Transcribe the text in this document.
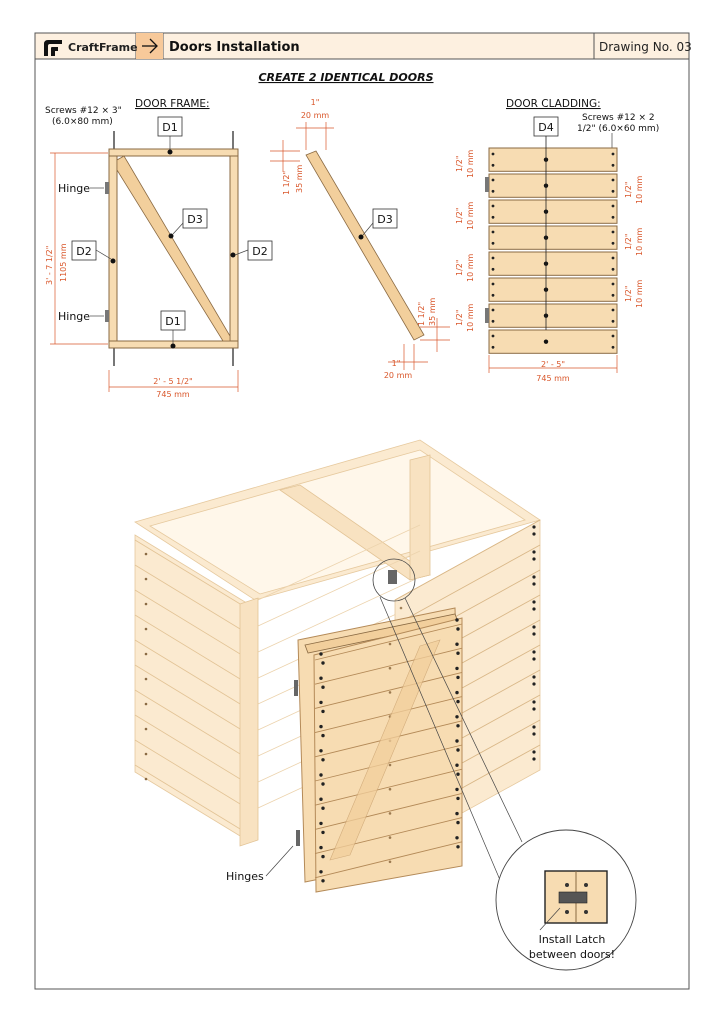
CraftFrame Doors Installation	Drawing No. 03
CREATE 2 IDENTICAL DOORS
DOOR FRAME:
Screws #12 × 3"
(6.0×80 mm)	D1
D1
D2	D2
D3
Hinge
Hinge
3' - 7 1/2" 1105 mm
2' - 5 1/2"
745 mm
1"
20 mm
1 1/2" 35 mm
D3
1 1/2" 35 mm
1"
20 mm
DOOR CLADDING:
Screws #12 × 2
1/2" (6.0×60 mm)
D4
1/2" 10 mm
1/2" 10 mm
1/2" 10 mm
1/2" 10 mm
1/2" 10 mm
1/2" 10 mm
1/2" 10 mm
2' - 5"
745 mm
Hinges
Install Latch
between doors!
